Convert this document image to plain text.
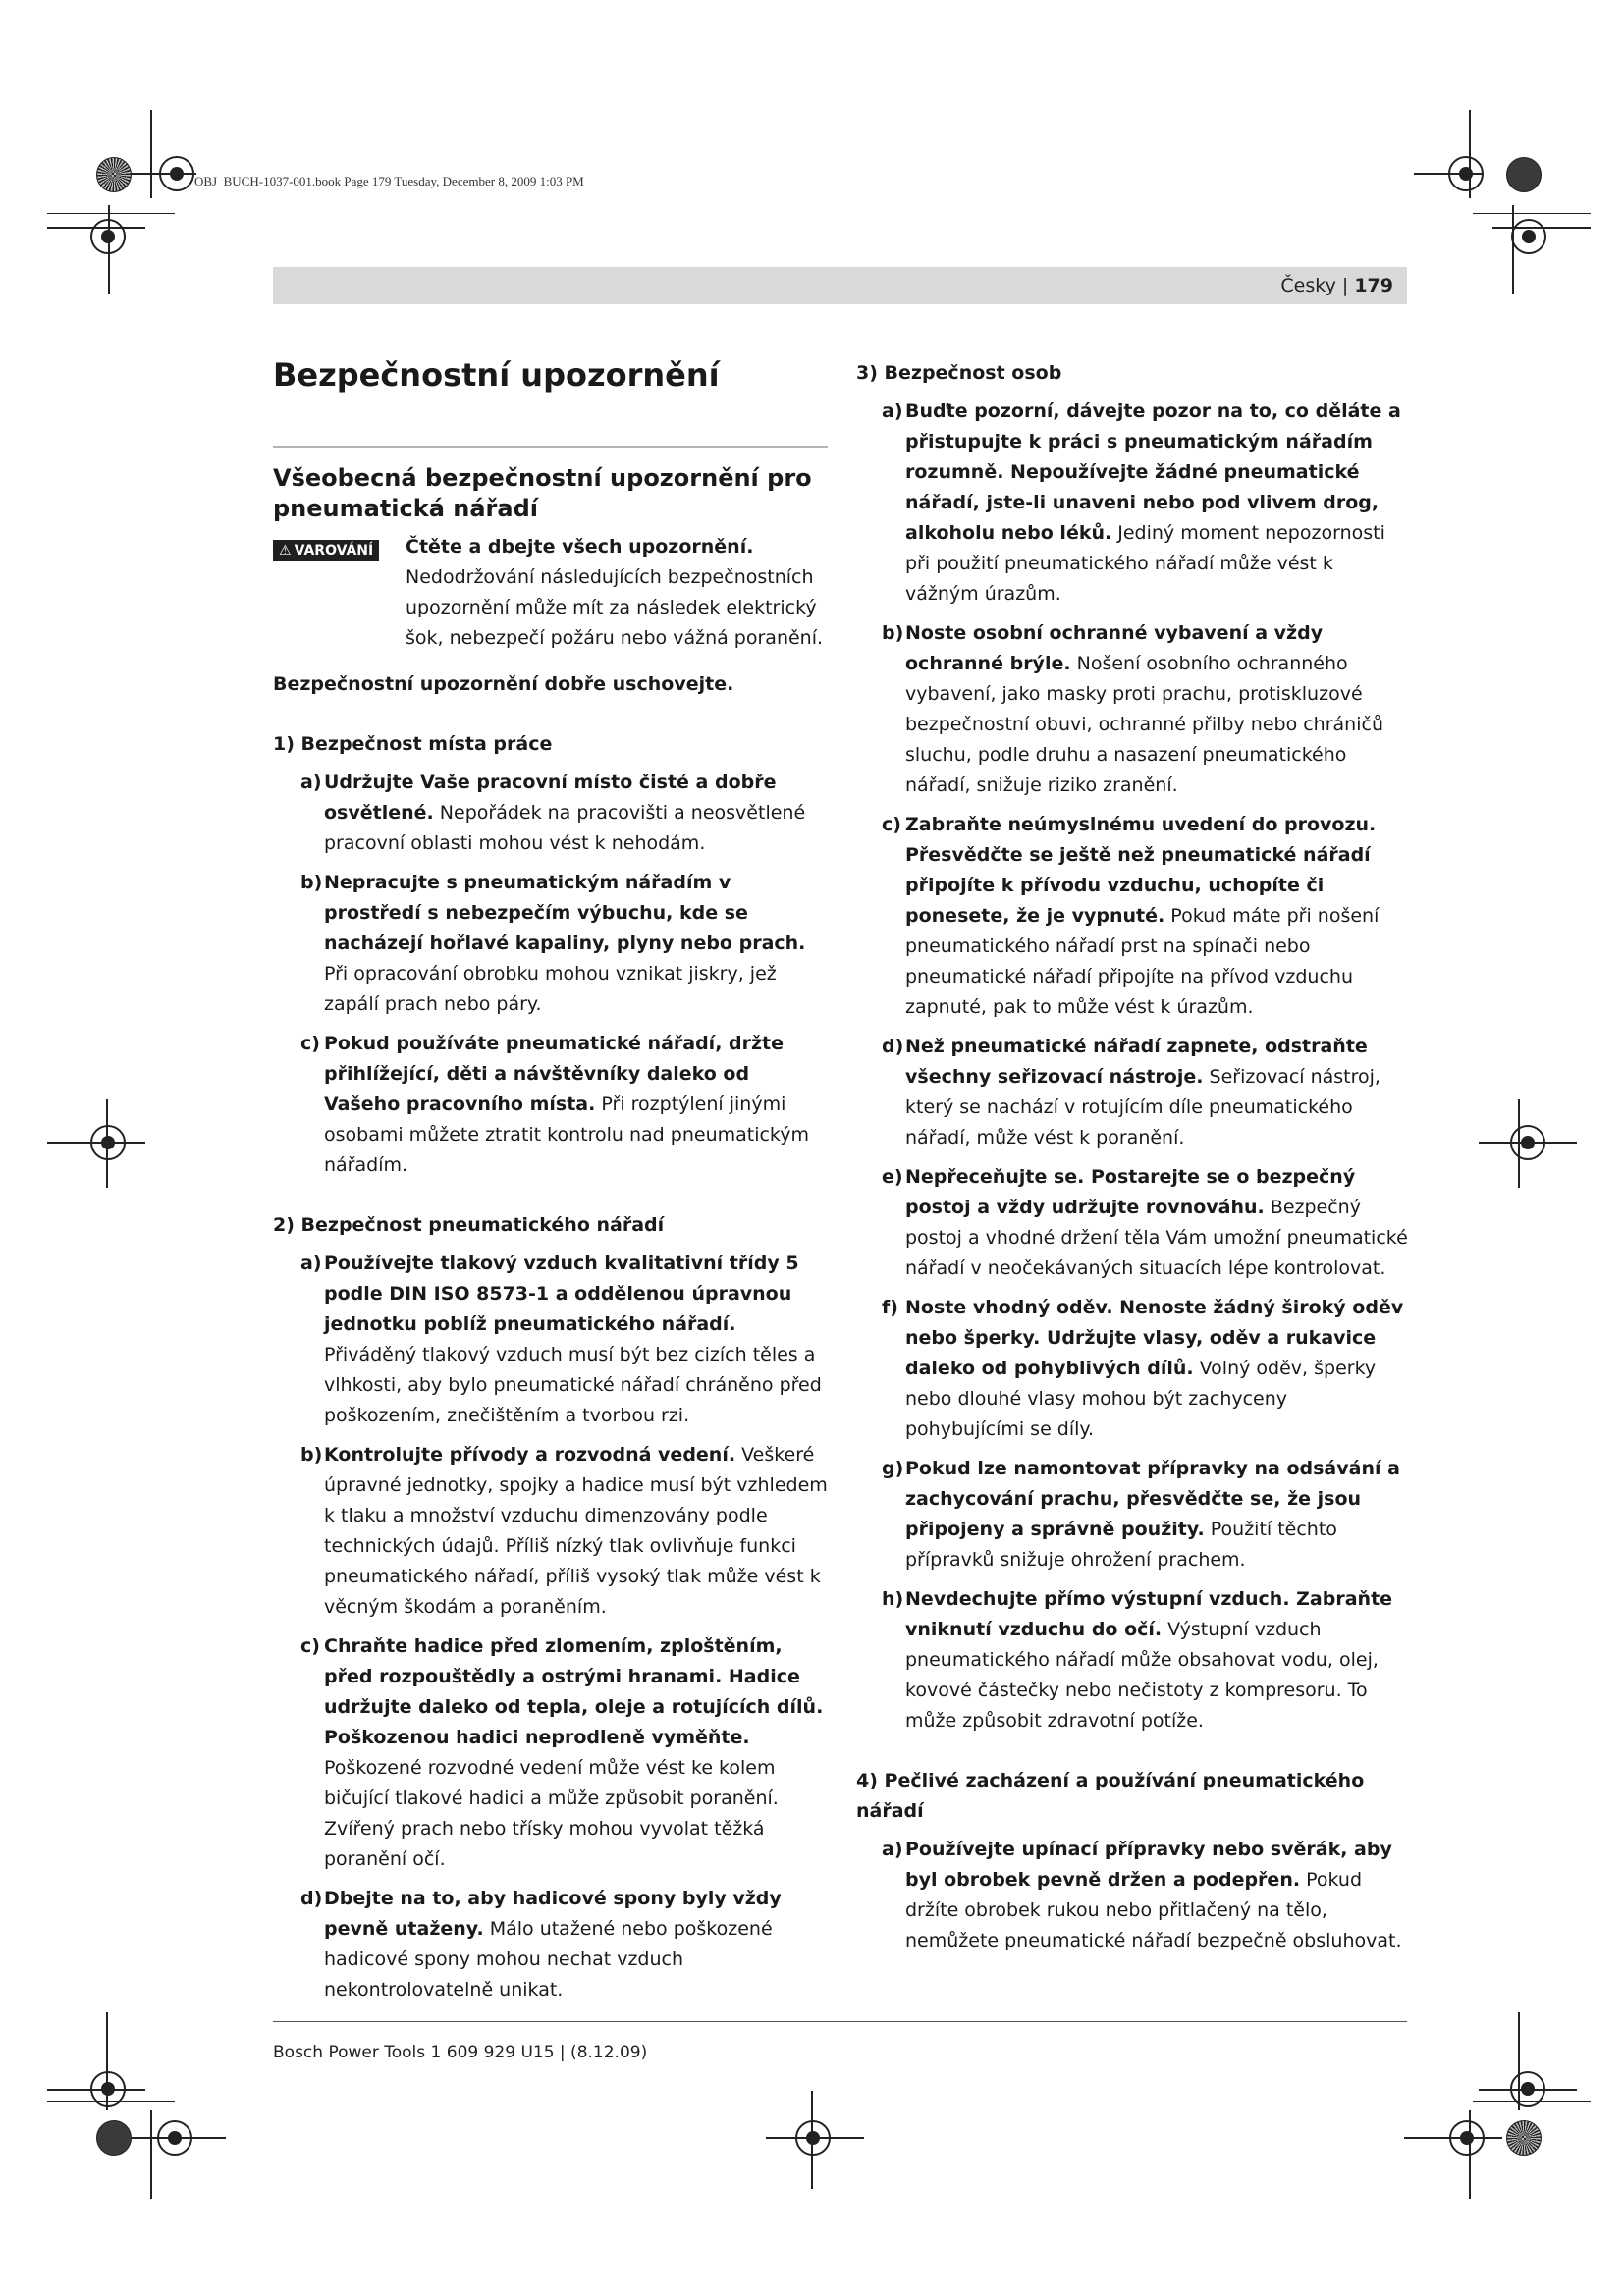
OBJ_BUCH-1037-001.book Page 179 Tuesday, December 8, 2009 1:03 PM
Česky | 179
Bezpečnostní upozornění
Všeobecná bezpečnostní upozornění pro pneumatická nářadí
⚠ VAROVÁNÍ Čtěte a dbejte všech upozornění. Nedodržování následujících bezpečnostních upozornění může mít za následek elektrický šok, nebezpečí požáru nebo vážná poranění.

Bezpečnostní upozornění dobře uschovejte.

1) Bezpečnost místa práce
a) Udržujte Vaše pracovní místo čisté a dobře osvětlené. Nepořádek na pracovišti a neosvětlené pracovní oblasti mohou vést k nehodám.
b) Nepracujte s pneumatickým nářadím v prostředí s nebezpečím výbuchu, kde se nacházejí hořlavé kapaliny, plyny nebo prach. Při opracování obrobku mohou vznikat jiskry, jež zapálí prach nebo páry.
c) Pokud používáte pneumatické nářadí, držte přihlížející, děti a návštěvníky daleko od Vašeho pracovního místa. Při rozptýlení jinými osobami můžete ztratit kontrolu nad pneumatickým nářadím.
2) Bezpečnost pneumatického nářadí
a) Používejte tlakový vzduch kvalitativní třídy 5 podle DIN ISO 8573-1 a oddělenou úpravnou jednotku poblíž pneumatického nářadí. Přiváděný tlakový vzduch musí být bez cizích těles a vlhkosti, aby bylo pneumatické nářadí chráněno před poškozením, znečištěním a tvorbou rzi.
b) Kontrolujte přívody a rozvodná vedení. Veškeré úpravné jednotky, spojky a hadice musí být vzhledem k tlaku a množství vzduchu dimenzovány podle technických údajů. Příliš nízký tlak ovlivňuje funkci pneumatického nářadí, příliš vysoký tlak může vést k věcným škodám a poraněním.
c) Chraňte hadice před zlomením, zploštěním, před rozpouštědly a ostrými hranami. Hadice udržujte daleko od tepla, oleje a rotujících dílů. Poškozenou hadici neprodleně vyměňte. Poškozené rozvodné vedení může vést ke kolem bičující tlakové hadici a může způsobit poranění. Zvířený prach nebo třísky mohou vyvolat těžká poranění očí.
d) Dbejte na to, aby hadicové spony byly vždy pevně utaženy. Málo utažené nebo poškozené hadicové spony mohou nechat vzduch nekontrolovatelně unikat.
3) Bezpečnost osob
a) Buďte pozorní, dávejte pozor na to, co děláte a přistupujte k práci s pneumatickým nářadím rozumně. Nepoužívejte žádné pneumatické nářadí, jste-li unaveni nebo pod vlivem drog, alkoholu nebo léků. Jediný moment nepozornosti při použití pneumatického nářadí může vést k vážným úrazům.
b) Noste osobní ochranné vybavení a vždy ochranné brýle. Nošení osobního ochranného vybavení, jako masky proti prachu, protiskluzové bezpečnostní obuvi, ochranné přilby nebo chráničů sluchu, podle druhu a nasazení pneumatického nářadí, snižuje riziko zranění.
c) Zabraňte neúmyslnému uvedení do provozu. Přesvědčte se ještě než pneumatické nářadí připojíte k přívodu vzduchu, uchopíte či ponesete, že je vypnuté. Pokud máte při nošení pneumatického nářadí prst na spínači nebo pneumatické nářadí připojíte na přívod vzduchu zapnuté, pak to může vést k úrazům.
d) Než pneumatické nářadí zapnete, odstraňte všechny seřizovací nástroje. Seřizovací nástroj, který se nachází v rotujícím díle pneumatického nářadí, může vést k poranění.
e) Nepřeceňujte se. Postarejte se o bezpečný postoj a vždy udržujte rovnováhu. Bezpečný postoj a vhodné držení těla Vám umožní pneumatické nářadí v neočekávaných situacích lépe kontrolovat.
f) Noste vhodný oděv. Nenoste žádný široký oděv nebo šperky. Udržujte vlasy, oděv a rukavice daleko od pohyblivých dílů. Volný oděv, šperky nebo dlouhé vlasy mohou být zachyceny pohybujícími se díly.
g) Pokud lze namontovat přípravky na odsávání a zachycování prachu, přesvědčte se, že jsou připojeny a správně použity. Použití těchto přípravků snižuje ohrožení prachem.
h) Nevdechujte přímo výstupní vzduch. Zabraňte vniknutí vzduchu do očí. Výstupní vzduch pneumatického nářadí může obsahovat vodu, olej, kovové částečky nebo nečistoty z kompresoru. To může způsobit zdravotní potíže.
4) Pečlivé zacházení a používání pneumatického nářadí
a) Používejte upínací přípravky nebo svěrák, aby byl obrobek pevně držen a podepřen. Pokud držíte obrobek rukou nebo přitlačený na tělo, nemůžete pneumatické nářadí bezpečně obsluhovat.
Bosch Power Tools 1 609 929 U15 | (8.12.09)
